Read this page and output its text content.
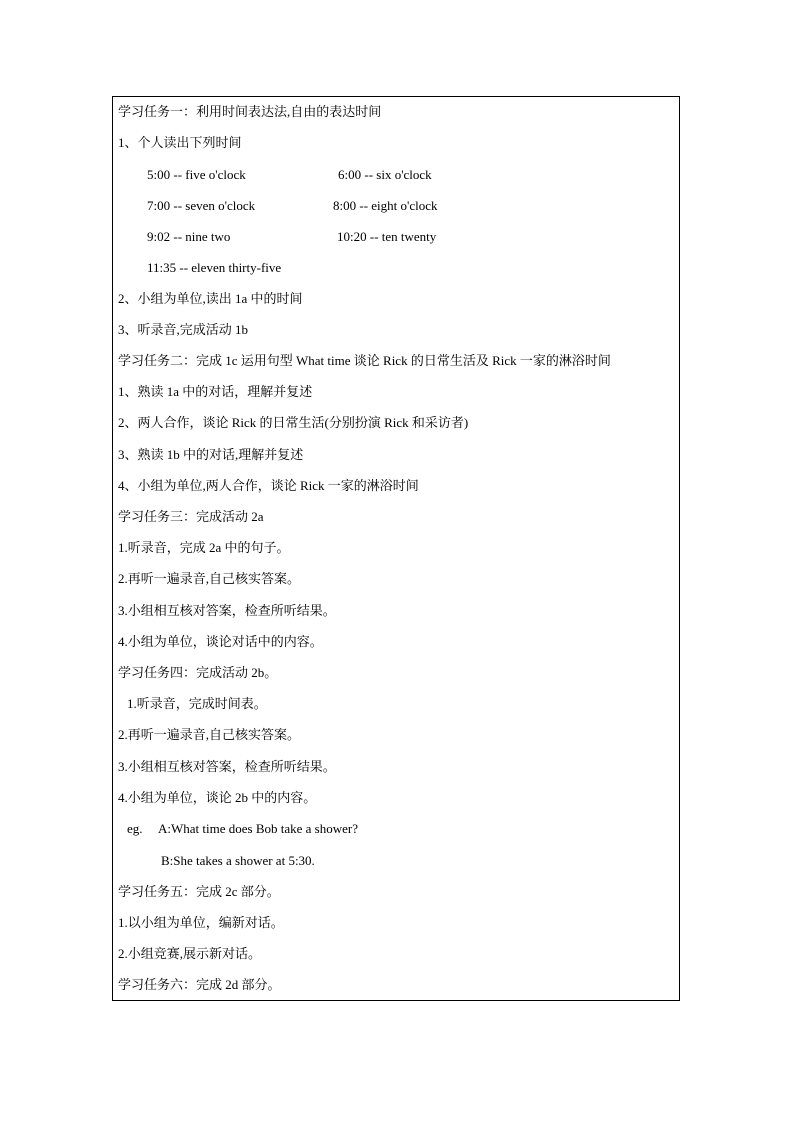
学习任务一：利用时间表达法,自由的表达时间
1、个人读出下列时间
5:00 -- five o'clock	6:00 -- six o'clock
7:00 -- seven o'clock	8:00 -- eight o'clock
9:02 -- nine two	10:20 -- ten twenty
11:35 -- eleven thirty-five
2、小组为单位,读出 1a 中的时间
3、听录音,完成活动 1b
学习任务二：完成 1c 运用句型 What time 谈论 Rick 的日常生活及 Rick 一家的淋浴时间
1、熟读 1a 中的对话，理解并复述
2、两人合作，谈论 Rick 的日常生活(分别扮演 Rick 和采访者)
3、熟读 1b 中的对话,理解并复述
4、小组为单位,两人合作，谈论 Rick 一家的淋浴时间
学习任务三：完成活动 2a
1.听录音，完成 2a 中的句子。
2.再听一遍录音,自己核实答案。
3.小组相互核对答案，检查所听结果。
4.小组为单位，谈论对话中的内容。
学习任务四：完成活动 2b。
1.听录音，完成时间表。
2.再听一遍录音,自己核实答案。
3.小组相互核对答案，检查所听结果。
4.小组为单位，谈论 2b 中的内容。
eg. A:What time does Bob take a shower?
B:She takes a shower at 5:30.
学习任务五：完成 2c 部分。
1.以小组为单位，编新对话。
2.小组竞赛,展示新对话。
学习任务六：完成 2d 部分。
